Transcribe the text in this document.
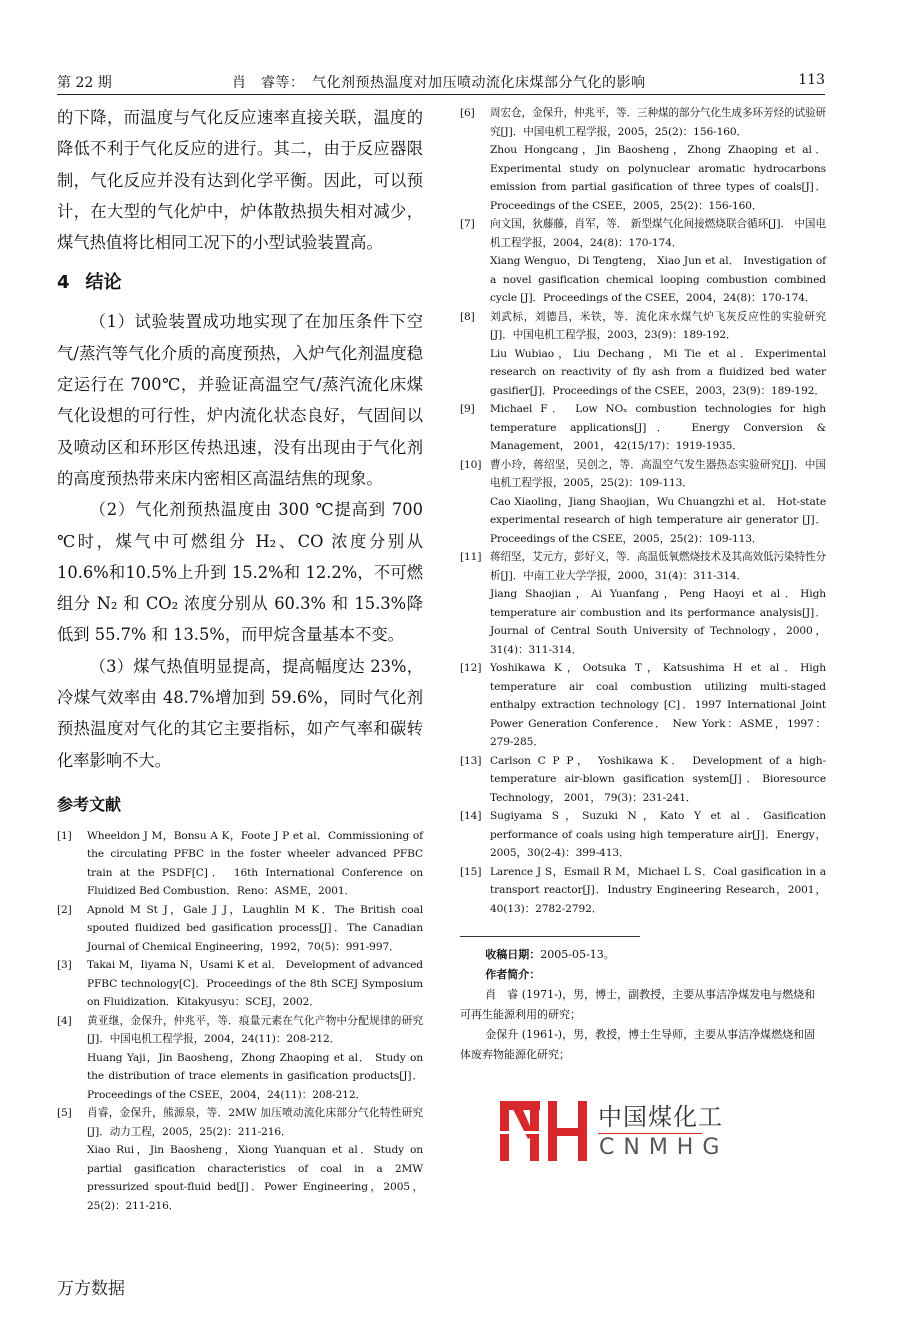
第 22 期	肖　睿等：　气化剂预热温度对加压喷动流化床煤部分气化的影响	113

的下降，而温度与气化反应速率直接关联，温度的降低不利于气化反应的进行。其二，由于反应器限制，气化反应并没有达到化学平衡。因此，可以预计，在大型的气化炉中，炉体散热损失相对减少，煤气热值将比相同工况下的小型试验装置高。

4 结论

（1）试验装置成功地实现了在加压条件下空气/蒸汽等气化介质的高度预热，入炉气化剂温度稳定运行在 700℃，并验证高温空气/蒸汽流化床煤气化设想的可行性，炉内流化状态良好，气固间以及喷动区和环形区传热迅速，没有出现由于气化剂的高度预热带来床内密相区高温结焦的现象。

（2）气化剂预热温度由 300 ℃提高到 700 ℃时，煤气中可燃组分 H₂、CO 浓度分别从 10.6%和10.5%上升到 15.2%和 12.2%，不可燃组分 N₂ 和 CO₂ 浓度分别从 60.3% 和 15.3%降低到 55.7% 和 13.5%，而甲烷含量基本不变。

（3）煤气热值明显提高，提高幅度达 23%，冷煤气效率由 48.7%增加到 59.6%，同时气化剂预热温度对气化的其它主要指标，如产气率和碳转化率影响不大。

参考文献
[1] Wheeldon J M，Bonsu A K，Foote J P et al．Commissioning of the circulating PFBC in the foster wheeler advanced PFBC train at the PSDF[C]． 16th International Conference on Fluidized Bed Combustion．Reno：ASME，2001．
[2] Apnold M St J，Gale J J，Laughlin M K．The British coal spouted fluidized bed gasification process[J]．The Canadian Journal of Chemical Engineering，1992，70(5)：991-997．
[3] Takai M，Iiyama N，Usami K et al． Development of advanced PFBC technology[C]．Proceedings of the 8th SCEJ Symposium on Fluidization．Kitakyusyu：SCEJ，2002．
[4] 黄亚继，金保升，仲兆平，等．痕量元素在气化产物中分配规律的研究[J]．中国电机工程学报，2004，24(11)：208-212．
Huang Yaji，Jin Baosheng，Zhong Zhaoping et al． Study on the distribution of trace elements in gasification products[J]．Proceedings of the CSEE，2004，24(11)：208-212．
[5] 肖睿，金保升，熊源泉，等．2MW 加压喷动流化床部分气化特性研究[J]．动力工程，2005，25(2)：211-216．
Xiao Rui，Jin Baosheng，Xiong Yuanquan et al．Study on partial gasification characteristics of coal in a 2MW pressurized spout-fluid bed[J]．Power Engineering，2005，25(2)：211-216．
[6] 周宏仓，金保升，仲兆平，等．三种煤的部分气化生成多环芳烃的试验研究[J]．中国电机工程学报，2005，25(2)：156-160．
Zhou Hongcang，Jin Baosheng，Zhong Zhaoping et al． Experimental study on polynuclear aromatic hydrocarbons emission from partial gasification of three types of coals[J]．Proceedings of the CSEE，2005，25(2)：156-160．
[7] 向文国，狄藤藤，肖军，等． 新型煤气化间接燃烧联合循环[J]． 中国电机工程学报，2004，24(8)：170-174．
Xiang Wenguo，Di Tengteng， Xiao Jun et al． Investigation of a novel gasification chemical looping combustion combined cycle [J]．Proceedings of the CSEE，2004，24(8)：170-174．
[8] 刘武标，刘德昌，米铁，等．流化床水煤气炉飞灰反应性的实验研究[J]．中国电机工程学报，2003，23(9)：189-192．
Liu Wubiao，Liu Dechang，Mi Tie et al．Experimental research on reactivity of fly ash from a fluidized bed water gasifier[J]．Proceedings of the CSEE，2003，23(9)：189-192．
[9] Michael F． Low NOₓ combustion technologies for high temperature applications[J]． Energy Conversion & Management， 2001， 42(15/17)：1919-1935．
[10] 曹小玲，蒋绍坚，吴创之，等．高温空气发生器热态实验研究[J]．中国电机工程学报，2005，25(2)：109-113．
Cao Xiaoling，Jiang Shaojian，Wu Chuangzhi et al． Hot-state experimental research of high temperature air generator [J]．Proceedings of the CSEE，2005，25(2)：109-113．
[11] 蒋绍坚，艾元方，彭好义，等．高温低氧燃烧技术及其高效低污染特性分析[J]．中南工业大学学报，2000，31(4)：311-314．
Jiang Shaojian，Ai Yuanfang，Peng Haoyi et al．High temperature air combustion and its performance analysis[J]．Journal of Central South University of Technology，2000，31(4)：311-314．
[12] Yoshikawa K，Ootsuka T，Katsushima H et al．High temperature air coal combustion utilizing multi-staged enthalpy extraction technology [C]．1997 International Joint Power Generation Conference． New York：ASME，1997：279-285．
[13] Carlson C P P， Yoshikawa K． Development of a high-temperature air-blown gasification system[J]．Bioresource Technology， 2001， 79(3)：231-241．
[14] Sugiyama S，Suzuki N，Kato Y et al．Gasification performance of coals using high temperature air[J]．Energy，2005，30(2-4)：399-413．
[15] Larence J S，Esmail R M，Michael L S．Coal gasification in a transport reactor[J]．Industry Engineering Research，2001，40(13)：2782-2792．

收稿日期：2005-05-13。

作者简介：

肖　睿 (1971-)，男，博士，副教授，主要从事洁净煤发电与燃烧和可再生能源利用的研究；

金保升 (1961-)，男，教授，博士生导师，主要从事洁净煤燃烧和固体废弃物能源化研究；

中国煤化工
CNMHG
万方数据
